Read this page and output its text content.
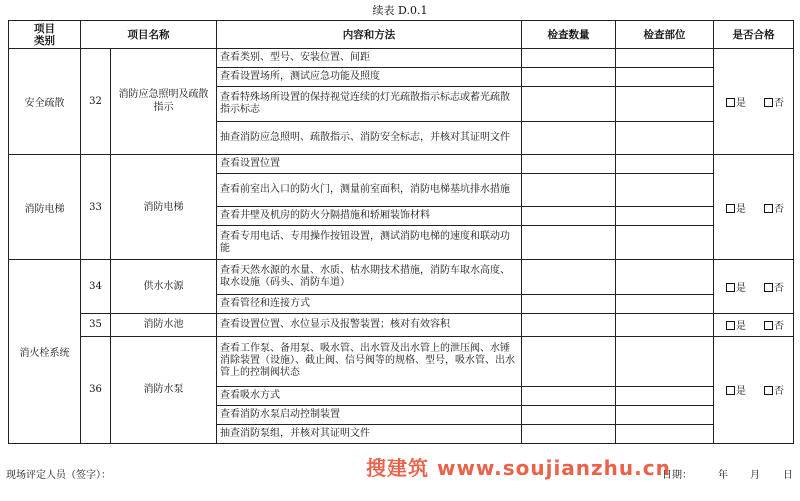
续表 D.0.1
项目
类别	项目名称		内容和方法	检查数量	检查部位	是否合格
安全疏散	32	消防应急照明及疏散指示	查看类别、型号、安装位置、间距			是 否
			查看设置场所，测试应急功能及照度			
			查看特殊场所设置的保持视觉连续的灯光疏散指示标志或蓄光疏散指示标志			
			抽查消防应急照明、疏散指示、消防安全标志，并核对其证明文件			
消防电梯	33	消防电梯	查看设置位置			是 否
			查看前室出入口的防火门，测量前室面积，消防电梯基坑排水措施			
			查看井壁及机房的防火分隔措施和轿厢装饰材料			
			查看专用电话、专用操作按钮设置，测试消防电梯的速度和联动功能			
消火栓系统	34	供水水源	查看天然水源的水量、水质、枯水期技术措施，消防车取水高度、取水设施（码头、消防车道）			是 否
			查看管径和连接方式			
	35	消防水池	查看设置位置、水位显示及报警装置；核对有效容积			是 否
	36	消防水泵	查看工作泵、备用泵、吸水管、出水管及出水管上的泄压阀、水锤消除装置（设施）、截止阀、信号阀等的规格、型号，吸水管、出水管上的控制阀状态			是 否
			查看吸水方式			
			查看消防水泵启动控制装置			
			抽查消防泵组，并核对其证明文件			
现场评定人员（签字）：	日期：	年 月 日
搜建筑 www.soujianzhu.cn
